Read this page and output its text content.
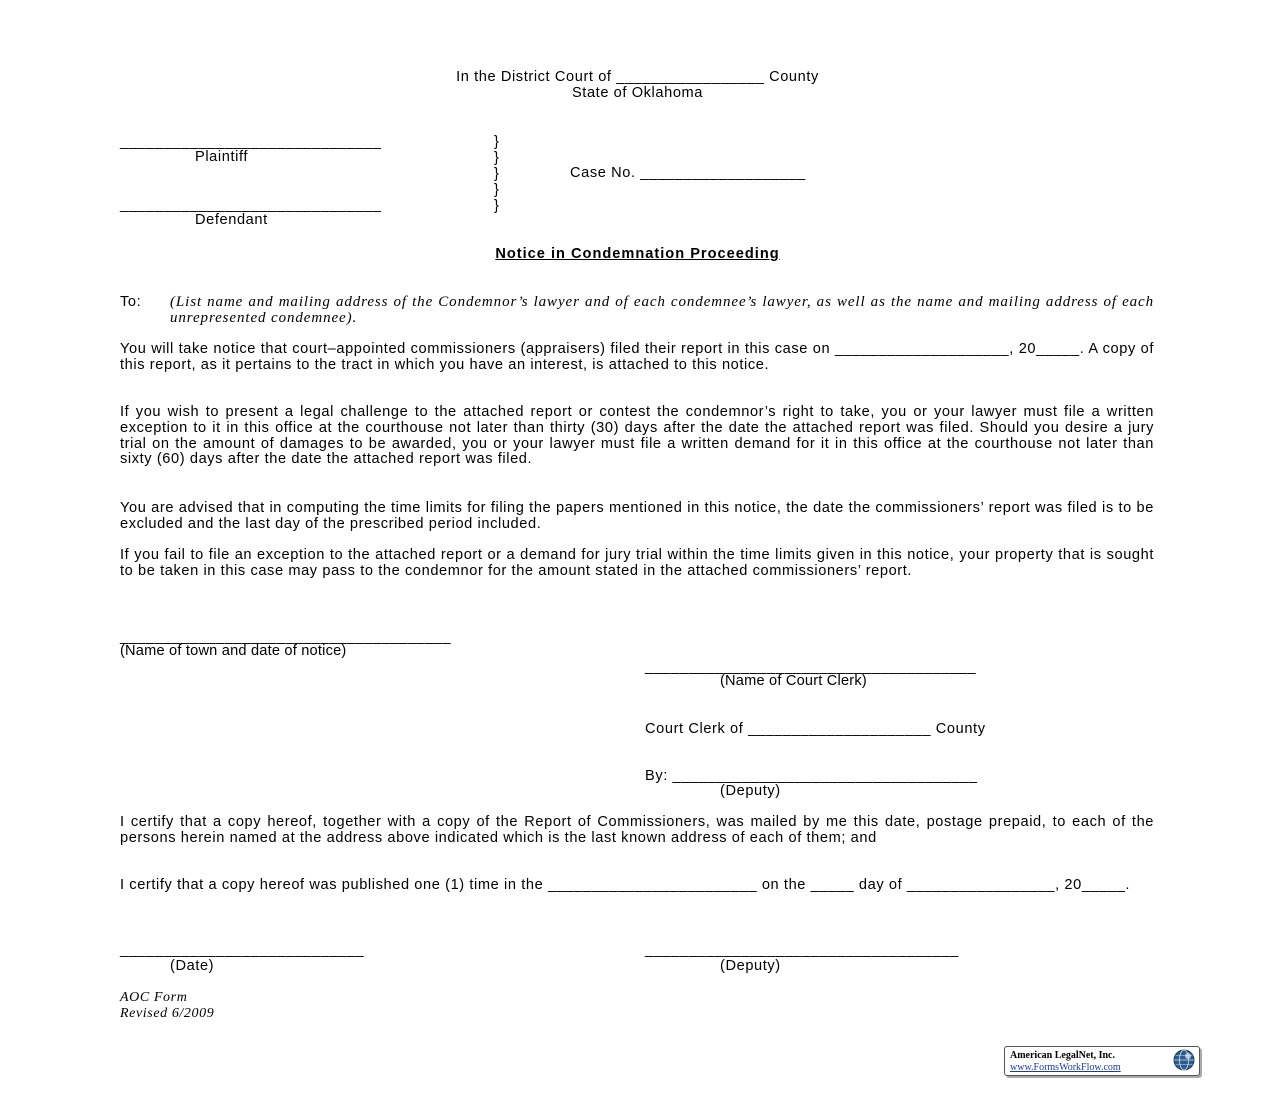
In the District Court of _________________ County
State of Oklahoma
______________________________
Plaintiff
______________________________
Defendant
}
}
}
}
}
Case No. ___________________
Notice in Condemnation Proceeding
To: (List name and mailing address of the Condemnor’s lawyer and of each condemnee’s lawyer, as well as the name and mailing address of each unrepresented condemnee).
You will take notice that court–appointed commissioners (appraisers) filed their report in this case on ____________________, 20_____. A copy of this report, as it pertains to the tract in which you have an interest, is attached to this notice.
If you wish to present a legal challenge to the attached report or contest the condemnor’s right to take, you or your lawyer must file a written exception to it in this office at the courthouse not later than thirty (30) days after the date the attached report was filed. Should you desire a jury trial on the amount of damages to be awarded, you or your lawyer must file a written demand for it in this office at the courthouse not later than sixty (60) days after the date the attached report was filed.
You are advised that in computing the time limits for filing the papers mentioned in this notice, the date the commissioners’ report was filed is to be excluded and the last day of the prescribed period included.
If you fail to file an exception to the attached report or a demand for jury trial within the time limits given in this notice, your property that is sought to be taken in this case may pass to the condemnor for the amount stated in the attached commissioners’ report.
______________________________________
(Name of town and date of notice)
______________________________________
(Name of Court Clerk)
Court Clerk of _____________________ County
By: ___________________________________
(Deputy)
I certify that a copy hereof, together with a copy of the Report of Commissioners, was mailed by me this date, postage prepaid, to each of the persons herein named at the address above indicated which is the last known address of each of them; and
I certify that a copy hereof was published one (1) time in the ________________________ on the _____ day of _________________, 20_____.
____________________________
(Date)
____________________________________
(Deputy)
AOC Form
Revised 6/2009
American LegalNet, Inc.
www.FormsWorkFlow.com
